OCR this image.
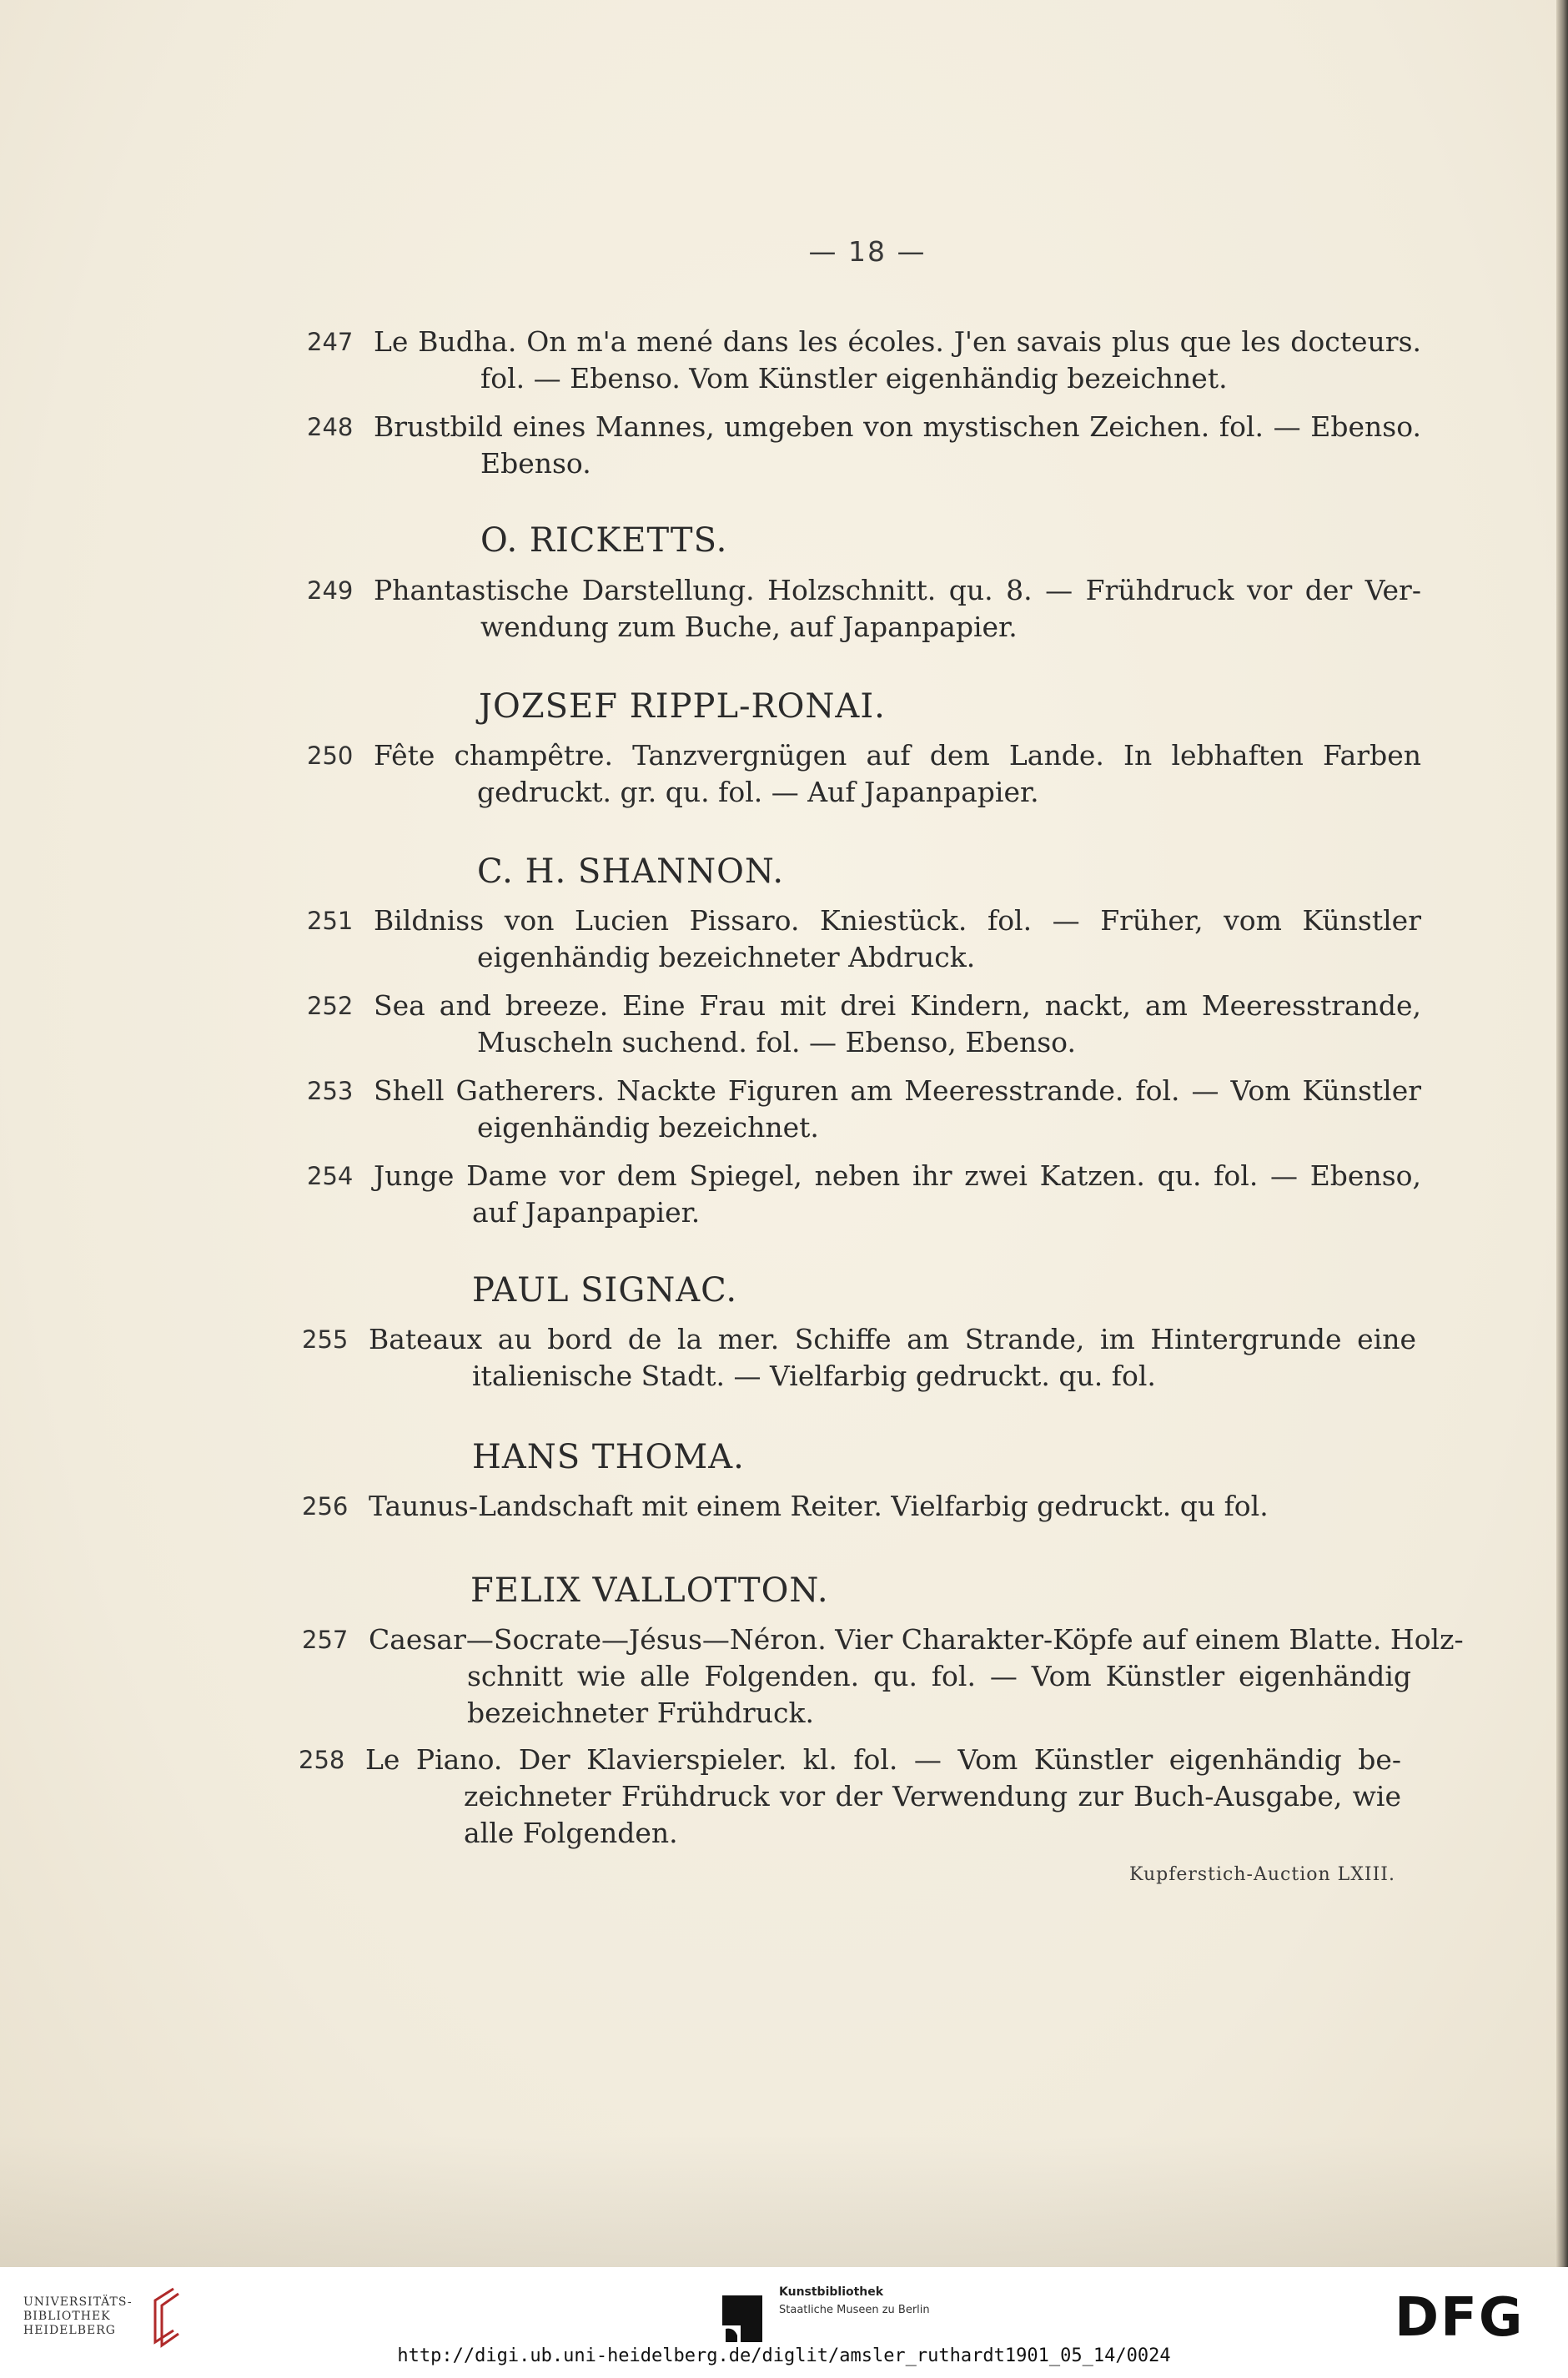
— 18 —
247 Le Budha. On m'a mené dans les écoles. J'en savais plus que les docteurs.
fol. — Ebenso. Vom Künstler eigenhändig bezeichnet.
248 Brustbild eines Mannes, umgeben von mystischen Zeichen. fol. — Ebenso.
Ebenso.
O. RICKETTS.
249 Phantastische Darstellung. Holzschnitt. qu. 8. — Frühdruck vor der Ver-
wendung zum Buche, auf Japanpapier.
JOZSEF RIPPL-RONAI.
250 Fête champêtre. Tanzvergnügen auf dem Lande. In lebhaften Farben
gedruckt. gr. qu. fol. — Auf Japanpapier.
C. H. SHANNON.
251 Bildniss von Lucien Pissaro. Kniestück. fol. — Früher, vom Künstler
eigenhändig bezeichneter Abdruck.
252 Sea and breeze. Eine Frau mit drei Kindern, nackt, am Meeresstrande,
Muscheln suchend. fol. — Ebenso, Ebenso.
253 Shell Gatherers. Nackte Figuren am Meeresstrande. fol. — Vom Künstler
eigenhändig bezeichnet.
254 Junge Dame vor dem Spiegel, neben ihr zwei Katzen. qu. fol. — Ebenso,
auf Japanpapier.
PAUL SIGNAC.
255 Bateaux au bord de la mer. Schiffe am Strande, im Hintergrunde eine
italienische Stadt. — Vielfarbig gedruckt. qu. fol.
HANS THOMA.
256 Taunus-Landschaft mit einem Reiter. Vielfarbig gedruckt. qu fol.
FELIX VALLOTTON.
257 Caesar—Socrate—Jésus—Néron. Vier Charakter-Köpfe auf einem Blatte. Holz-
schnitt wie alle Folgenden. qu. fol. — Vom Künstler eigenhändig
bezeichneter Frühdruck.
258 Le Piano. Der Klavierspieler. kl. fol. — Vom Künstler eigenhändig be-
zeichneter Frühdruck vor der Verwendung zur Buch-Ausgabe, wie
alle Folgenden.
Kupferstich-Auction LXIII.
UNIVERSITÄTS-
BIBLIOTHEK
HEIDELBERG
Kunstbibliothek
Staatliche Museen zu Berlin	DFG
http://digi.ub.uni-heidelberg.de/diglit/amsler_ruthardt1901_05_14/0024
